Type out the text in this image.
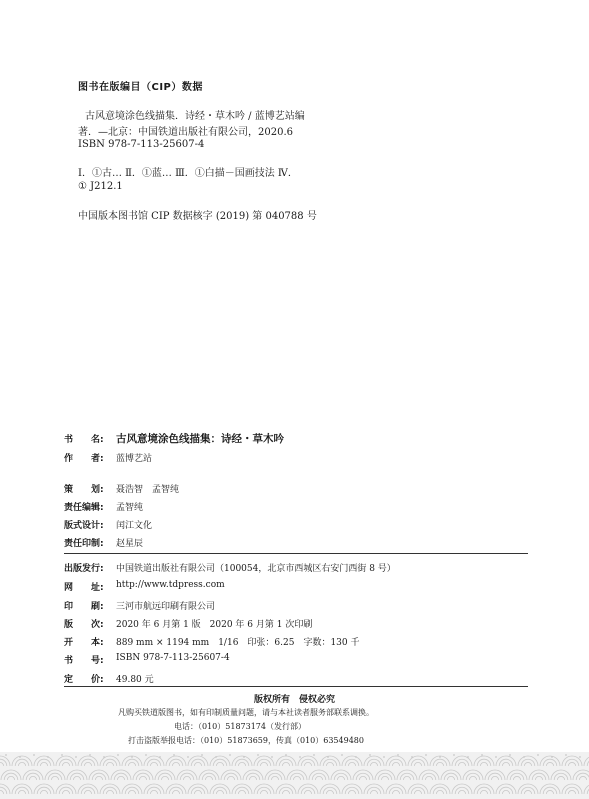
图书在版编目（CIP）数据
古风意境涂色线描集．诗经・草木吟 / 蓝博艺站编
著．—北京：中国铁道出版社有限公司，2020.6
ISBN 978-7-113-25607-4
Ⅰ．①古… Ⅱ．①蓝… Ⅲ．①白描－国画技法 Ⅳ．
① J212.1
中国版本图书馆 CIP 数据核字 (2019) 第 040788 号
书　　名: 古风意境涂色线描集：诗经・草木吟
作　　者: 蓝博艺站
策　　划: 聂浩智　孟智纯
责任编辑: 孟智纯
版式设计: 闰江文化
责任印制: 赵星辰
出版发行: 中国铁道出版社有限公司（100054，北京市西城区右安门西街 8 号）
网　　址: http://www.tdpress.com
印　　刷: 三河市航远印刷有限公司
版　　次: 2020 年 6 月第 1 版　2020 年 6 月第 1 次印刷
开　　本: 889 mm × 1194 mm　1/16　印张：6.25　字数：130 千
书　　号: ISBN 978-7-113-25607-4
定　　价: 49.80 元
版权所有　侵权必究
凡购买铁道版图书，如有印制质量问题，请与本社读者服务部联系调换。
电话：（010）51873174（发行部）
打击盗版举报电话：（010）51873659，传真（010）63549480
